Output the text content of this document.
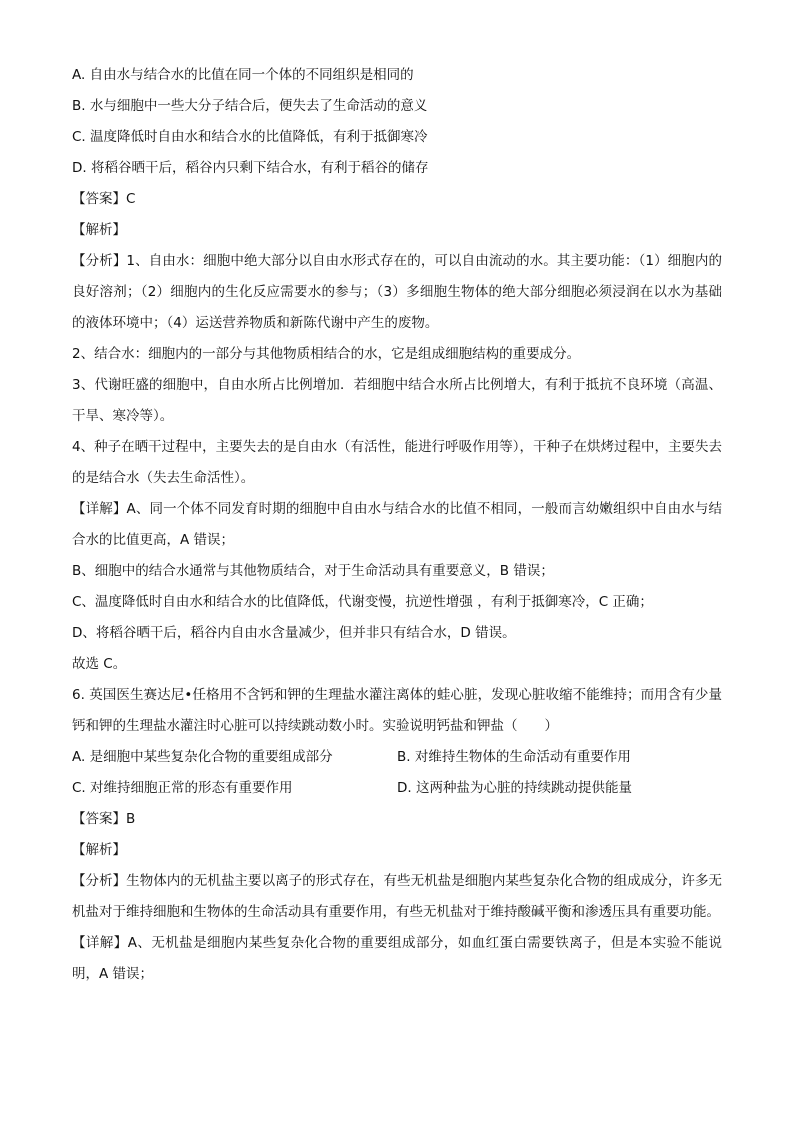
A. 自由水与结合水的比值在同一个体的不同组织是相同的

B. 水与细胞中一些大分子结合后，便失去了生命活动的意义

C. 温度降低时自由水和结合水的比值降低，有利于抵御寒冷

D. 将稻谷晒干后，稻谷内只剩下结合水，有利于稻谷的储存

【答案】C

【解析】

【分析】1、自由水：细胞中绝大部分以自由水形式存在的，可以自由流动的水。其主要功能：（1）细胞内的良好溶剂；（2）细胞内的生化反应需要水的参与；（3）多细胞生物体的绝大部分细胞必须浸润在以水为基础的液体环境中；（4）运送营养物质和新陈代谢中产生的废物。

2、结合水：细胞内的一部分与其他物质相结合的水，它是组成细胞结构的重要成分。

3、代谢旺盛的细胞中，自由水所占比例增加．若细胞中结合水所占比例增大，有利于抵抗不良环境（高温、干旱、寒冷等）。

4、种子在晒干过程中，主要失去的是自由水（有活性，能进行呼吸作用等），干种子在烘烤过程中，主要失去的是结合水（失去生命活性）。

【详解】A、同一个体不同发育时期的细胞中自由水与结合水的比值不相同，一般而言幼嫩组织中自由水与结合水的比值更高，A 错误；

B、细胞中的结合水通常与其他物质结合，对于生命活动具有重要意义，B 错误；

C、温度降低时自由水和结合水的比值降低，代谢变慢，抗逆性增强 ，有利于抵御寒冷，C 正确；

D、将稻谷晒干后，稻谷内自由水含量减少，但并非只有结合水，D 错误。

故选 C。

6. 英国医生赛达尼•任格用不含钙和钾的生理盐水灌注离体的蛙心脏，发现心脏收缩不能维持；而用含有少量钙和钾的生理盐水灌注时心脏可以持续跳动数小时。实验说明钙盐和钾盐（　　）

A. 是细胞中某些复杂化合物的重要组成部分	B. 对维持生物体的生命活动有重要作用
C. 对维持细胞正常的形态有重要作用	D. 这两种盐为心脏的持续跳动提供能量

【答案】B

【解析】

【分析】生物体内的无机盐主要以离子的形式存在，有些无机盐是细胞内某些复杂化合物的组成成分，许多无机盐对于维持细胞和生物体的生命活动具有重要作用，有些无机盐对于维持酸碱平衡和渗透压具有重要功能。

【详解】A、无机盐是细胞内某些复杂化合物的重要组成部分，如血红蛋白需要铁离子，但是本实验不能说明，A 错误；
